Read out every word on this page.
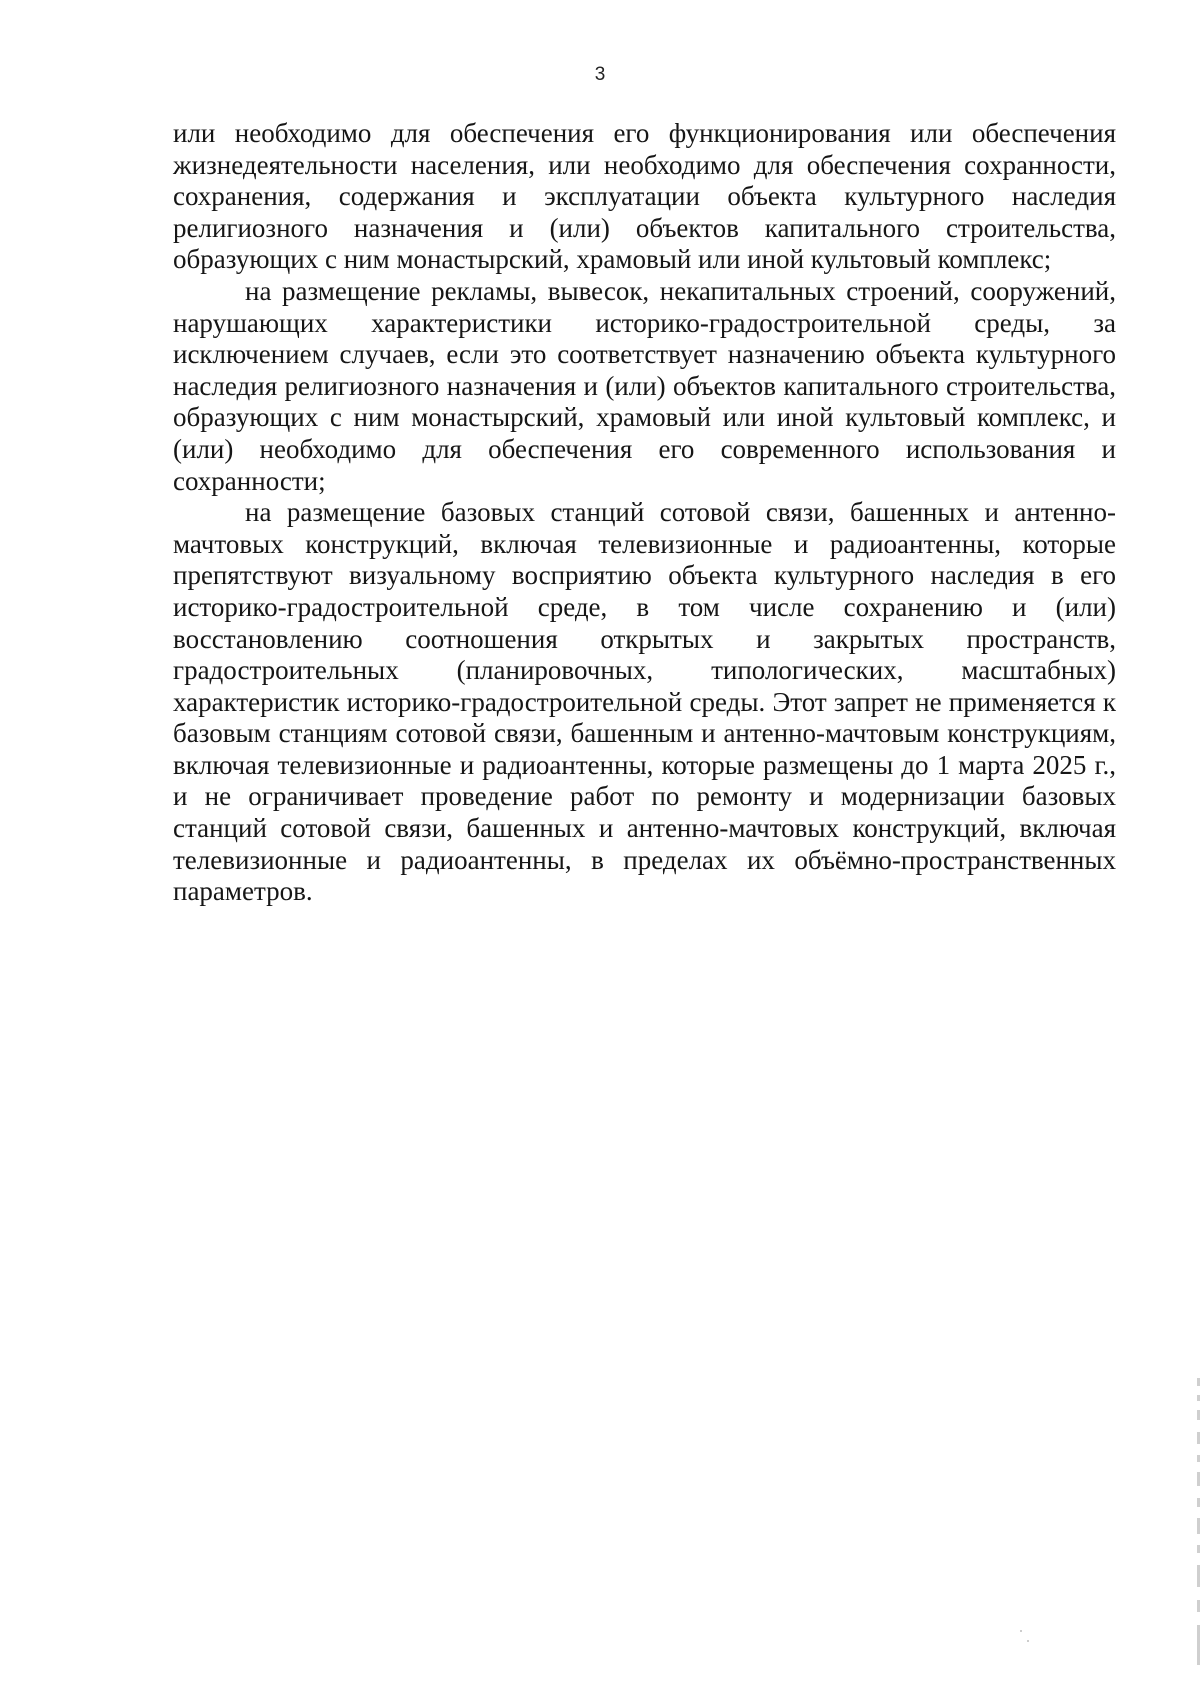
3

или необходимо для обеспечения его функционирования или обеспечения жизнедеятельности населения, или необходимо для обеспечения сохранности, сохранения, содержания и эксплуатации объекта культурного наследия религиозного назначения и (или) объектов капитального строительства, образующих с ним монастырский, храмовый или иной культовый комплекс;

на размещение рекламы, вывесок, некапитальных строений, сооружений, нарушающих характеристики историко-градостроительной среды, за исключением случаев, если это соответствует назначению объекта культурного наследия религиозного назначения и (или) объектов капитального строительства, образующих с ним монастырский, храмовый или иной культовый комплекс, и (или) необходимо для обеспечения его современного использования и сохранности;

на размещение базовых станций сотовой связи, башенных и антенно-мачтовых конструкций, включая телевизионные и радиоантенны, которые препятствуют визуальному восприятию объекта культурного наследия в его историко-градостроительной среде, в том числе сохранению и (или) восстановлению соотношения открытых и закрытых пространств, градостроительных (планировочных, типологических, масштабных) характеристик историко-градостроительной среды. Этот запрет не применяется к базовым станциям сотовой связи, башенным и антенно-мачтовым конструкциям, включая телевизионные и радиоантенны, которые размещены до 1 марта 2025 г., и не ограничивает проведение работ по ремонту и модернизации базовых станций сотовой связи, башенных и антенно-мачтовых конструкций, включая телевизионные и радиоантенны, в пределах их объёмно-пространственных параметров.
